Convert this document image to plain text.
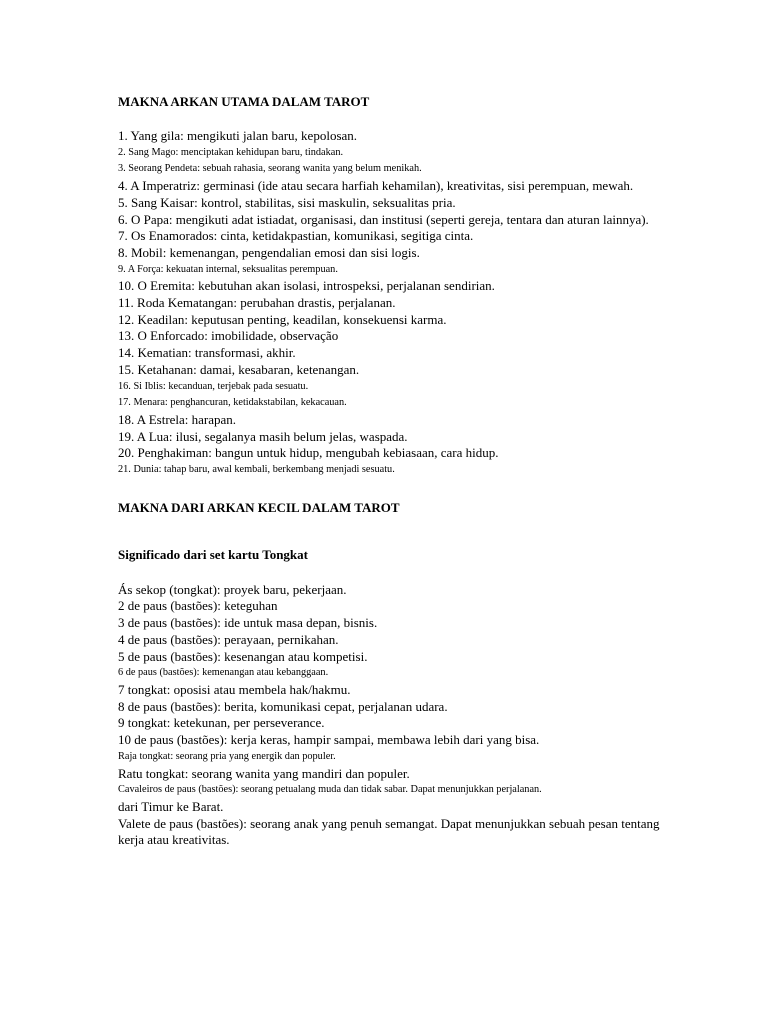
MAKNA ARKAN UTAMA DALAM TAROT

1. Yang gila: mengikuti jalan baru, kepolosan.

2. Sang Mago: menciptakan kehidupan baru, tindakan.

3. Seorang Pendeta: sebuah rahasia, seorang wanita yang belum menikah.

4. A Imperatriz: germinasi (ide atau secara harfiah kehamilan), kreativitas, sisi perempuan, mewah.

5. Sang Kaisar: kontrol, stabilitas, sisi maskulin, seksualitas pria.

6. O Papa: mengikuti adat istiadat, organisasi, dan institusi (seperti gereja, tentara dan aturan lainnya).

7. Os Enamorados: cinta, ketidakpastian, komunikasi, segitiga cinta.

8. Mobil: kemenangan, pengendalian emosi dan sisi logis.

9. A Força: kekuatan internal, seksualitas perempuan.

10. O Eremita: kebutuhan akan isolasi, introspeksi, perjalanan sendirian.

11. Roda Kematangan: perubahan drastis, perjalanan.

12. Keadilan: keputusan penting, keadilan, konsekuensi karma.

13. O Enforcado: imobilidade, observação

14. Kematian: transformasi, akhir.

15. Ketahanan: damai, kesabaran, ketenangan.

16. Si Iblis: kecanduan, terjebak pada sesuatu.

17. Menara: penghancuran, ketidakstabilan, kekacauan.

18. A Estrela: harapan.

19. A Lua: ilusi, segalanya masih belum jelas, waspada.

20. Penghakiman: bangun untuk hidup, mengubah kebiasaan, cara hidup.

21. Dunia: tahap baru, awal kembali, berkembang menjadi sesuatu.

MAKNA DARI ARKAN KECIL DALAM TAROT
Significado dari set kartu Tongkat

Ás sekop (tongkat): proyek baru, pekerjaan.

2 de paus (bastões): keteguhan

3 de paus (bastões): ide untuk masa depan, bisnis.

4 de paus (bastões): perayaan, pernikahan.

5 de paus (bastões): kesenangan atau kompetisi.

6 de paus (bastões): kemenangan atau kebanggaan.

7 tongkat: oposisi atau membela hak/hakmu.

8 de paus (bastões): berita, komunikasi cepat, perjalanan udara.

9 tongkat: ketekunan, per perseverance.

10 de paus (bastões): kerja keras, hampir sampai, membawa lebih dari yang bisa.

Raja tongkat: seorang pria yang energik dan populer.

Ratu tongkat: seorang wanita yang mandiri dan populer.

Cavaleiros de paus (bastões): seorang petualang muda dan tidak sabar. Dapat menunjukkan perjalanan.

dari Timur ke Barat.

Valete de paus (bastões): seorang anak yang penuh semangat. Dapat menunjukkan sebuah pesan tentang kerja atau kreativitas.
